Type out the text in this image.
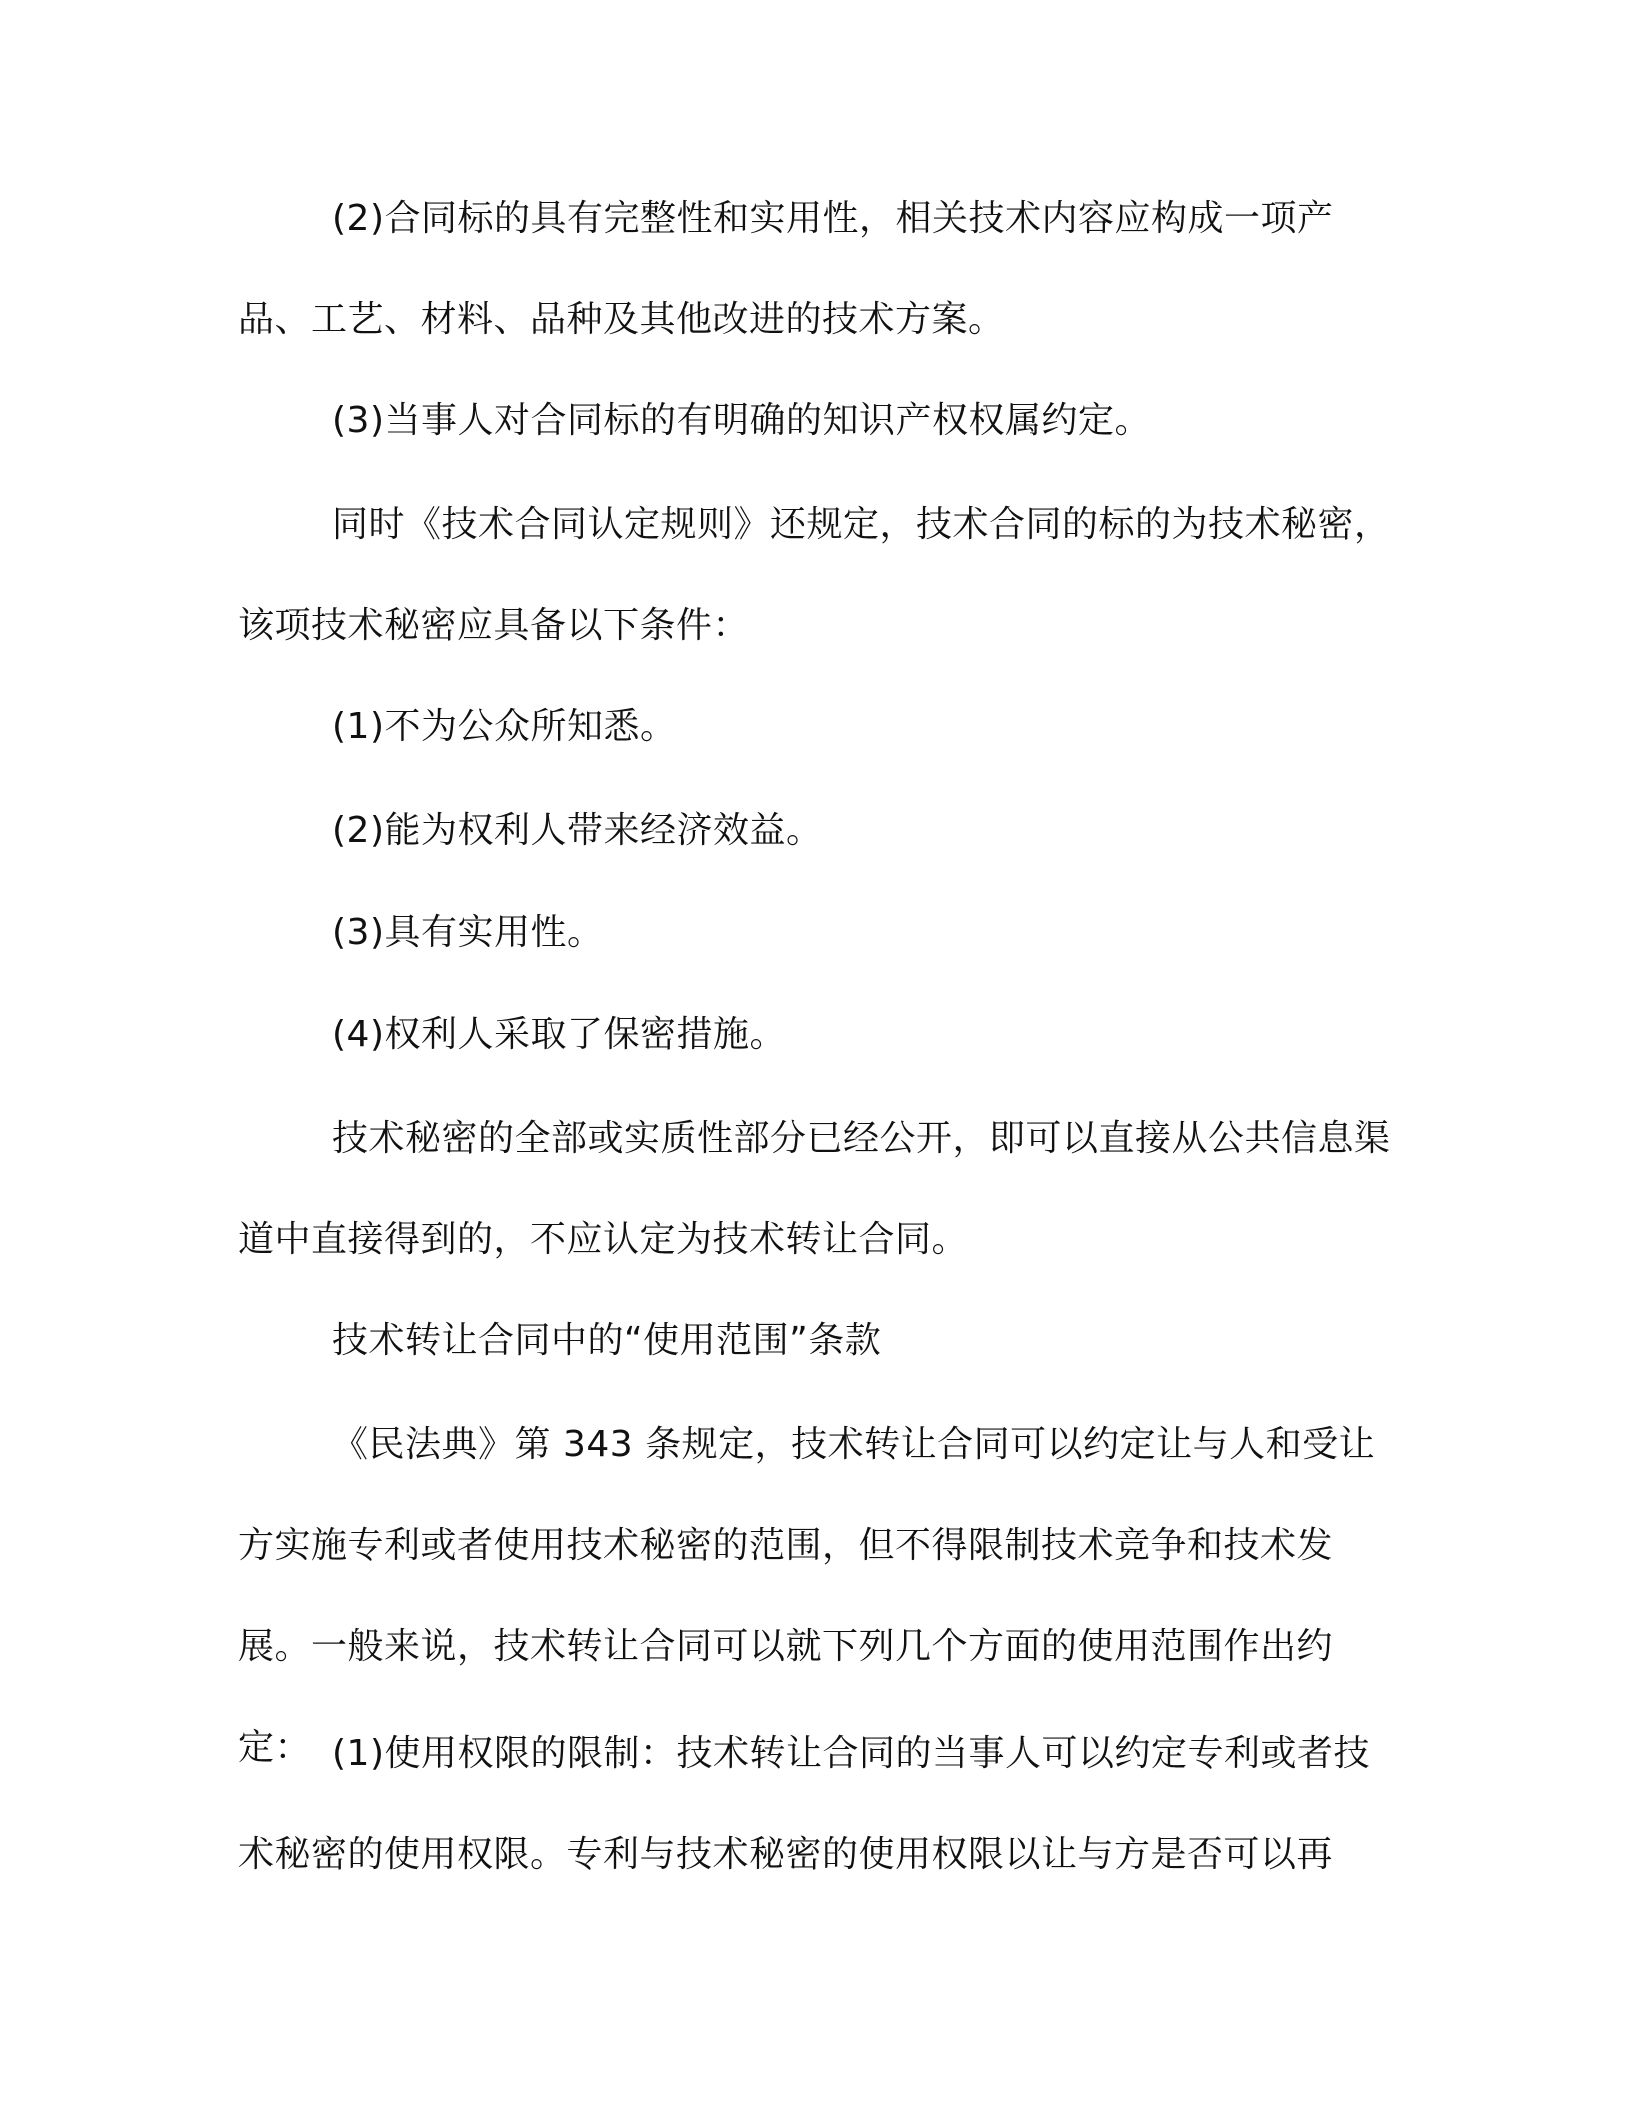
(2)合同标的具有完整性和实用性，相关技术内容应构成一项产品、工艺、材料、品种及其他改进的技术方案。

(3)当事人对合同标的有明确的知识产权权属约定。

同时《技术合同认定规则》还规定，技术合同的标的为技术秘密，该项技术秘密应具备以下条件：

(1)不为公众所知悉。

(2)能为权利人带来经济效益。

(3)具有实用性。

(4)权利人采取了保密措施。

技术秘密的全部或实质性部分已经公开，即可以直接从公共信息渠道中直接得到的，不应认定为技术转让合同。

技术转让合同中的“使用范围”条款

《民法典》第 343 条规定，技术转让合同可以约定让与人和受让方实施专利或者使用技术秘密的范围，但不得限制技术竞争和技术发展。一般来说，技术转让合同可以就下列几个方面的使用范围作出约定： (1)使用权限的限制：技术转让合同的当事人可以约定专利或者技术秘密的使用权限。专利与技术秘密的使用权限以让与方是否可以再
